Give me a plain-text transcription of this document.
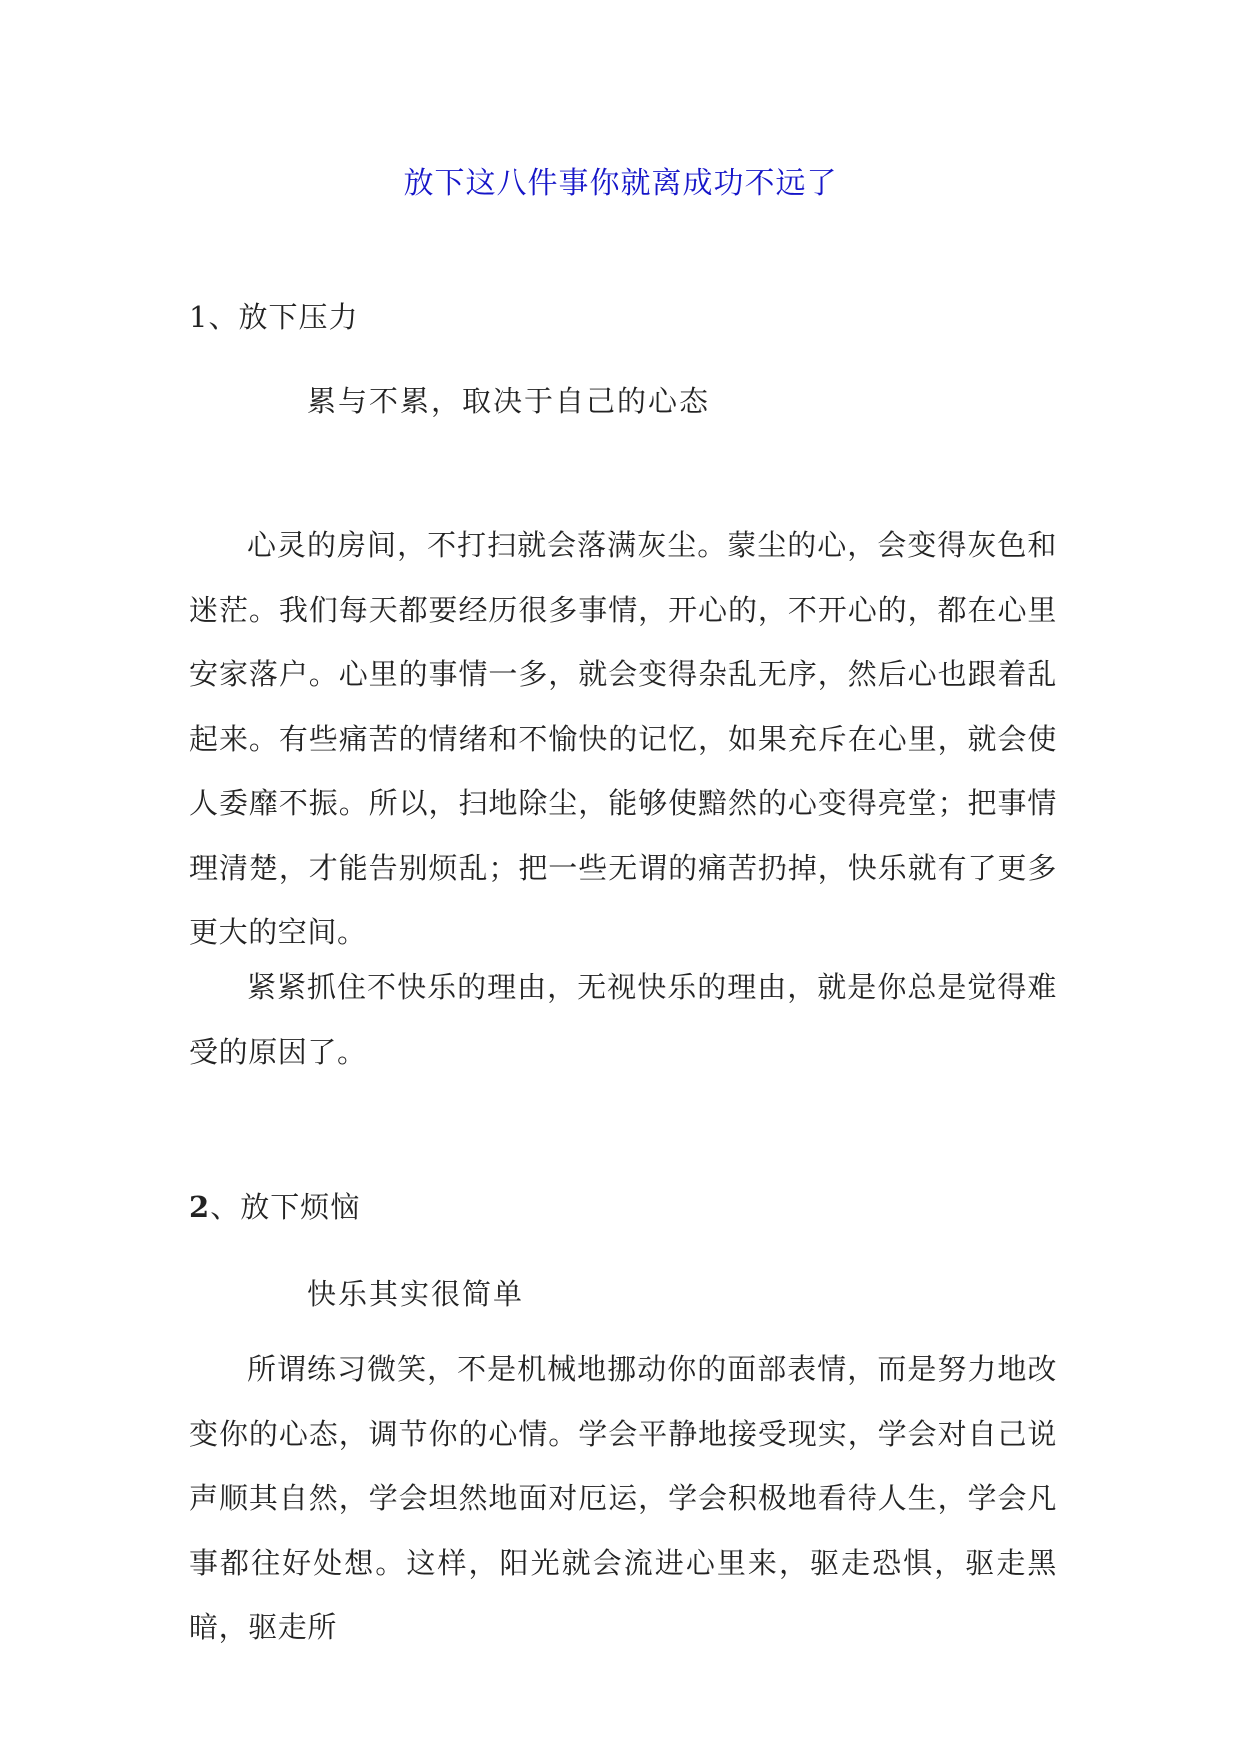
放下这八件事你就离成功不远了
1、放下压力
累与不累，取决于自己的心态

心灵的房间，不打扫就会落满灰尘。蒙尘的心，会变得灰色和迷茫。我们每天都要经历很多事情，开心的，不开心的，都在心里安家落户。心里的事情一多，就会变得杂乱无序，然后心也跟着乱起来。有些痛苦的情绪和不愉快的记忆，如果充斥在心里，就会使人委靡不振。所以，扫地除尘，能够使黯然的心变得亮堂；把事情理清楚，才能告别烦乱；把一些无谓的痛苦扔掉，快乐就有了更多更大的空间。

紧紧抓住不快乐的理由，无视快乐的理由，就是你总是觉得难受的原因了。

2、放下烦恼
快乐其实很简单

所谓练习微笑，不是机械地挪动你的面部表情，而是努力地改变你的心态，调节你的心情。学会平静地接受现实，学会对自己说声顺其自然，学会坦然地面对厄运，学会积极地看待人生，学会凡事都往好处想。这样，阳光就会流进心里来，驱走恐惧，驱走黑暗，驱走所
